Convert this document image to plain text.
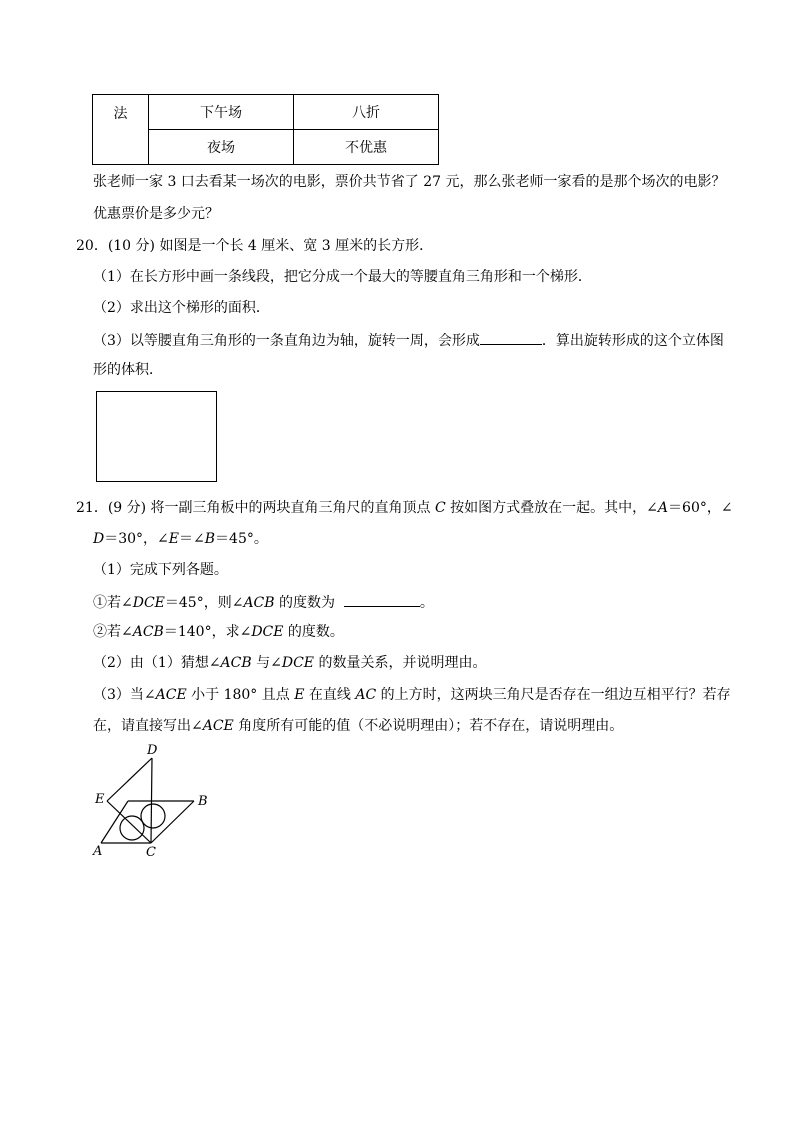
法	下午场	八折
	夜场	不优惠
张老师一家 3 口去看某一场次的电影，票价共节省了 27 元，那么张老师一家看的是那个场次的电影？
优惠票价是多少元？
20．(10 分) 如图是一个长 4 厘米、宽 3 厘米的长方形．
（1）在长方形中画一条线段，把它分成一个最大的等腰直角三角形和一个梯形．
（2）求出这个梯形的面积．
（3）以等腰直角三角形的一条直角边为轴，旋转一周，会形成	．算出旋转形成的这个立体图
形的体积．
21．(9 分) 将一副三角板中的两块直角三角尺的直角顶点 C 按如图方式叠放在一起。其中，∠A＝60°，∠
D＝30°，∠E＝∠B＝45°。
（1）完成下列各题。
①若∠DCE＝45°，则∠ACB 的度数为	。
②若∠ACB＝140°，求∠DCE 的度数。
（2）由（1）猜想∠ACB 与∠DCE 的数量关系，并说明理由。
（3）当∠ACE 小于 180° 且点 E 在直线 AC 的上方时，这两块三角尺是否存在一组边互相平行？若存
在，请直接写出∠ACE 角度所有可能的值（不必说明理由）；若不存在，请说明理由。
D
E	B
A	C
